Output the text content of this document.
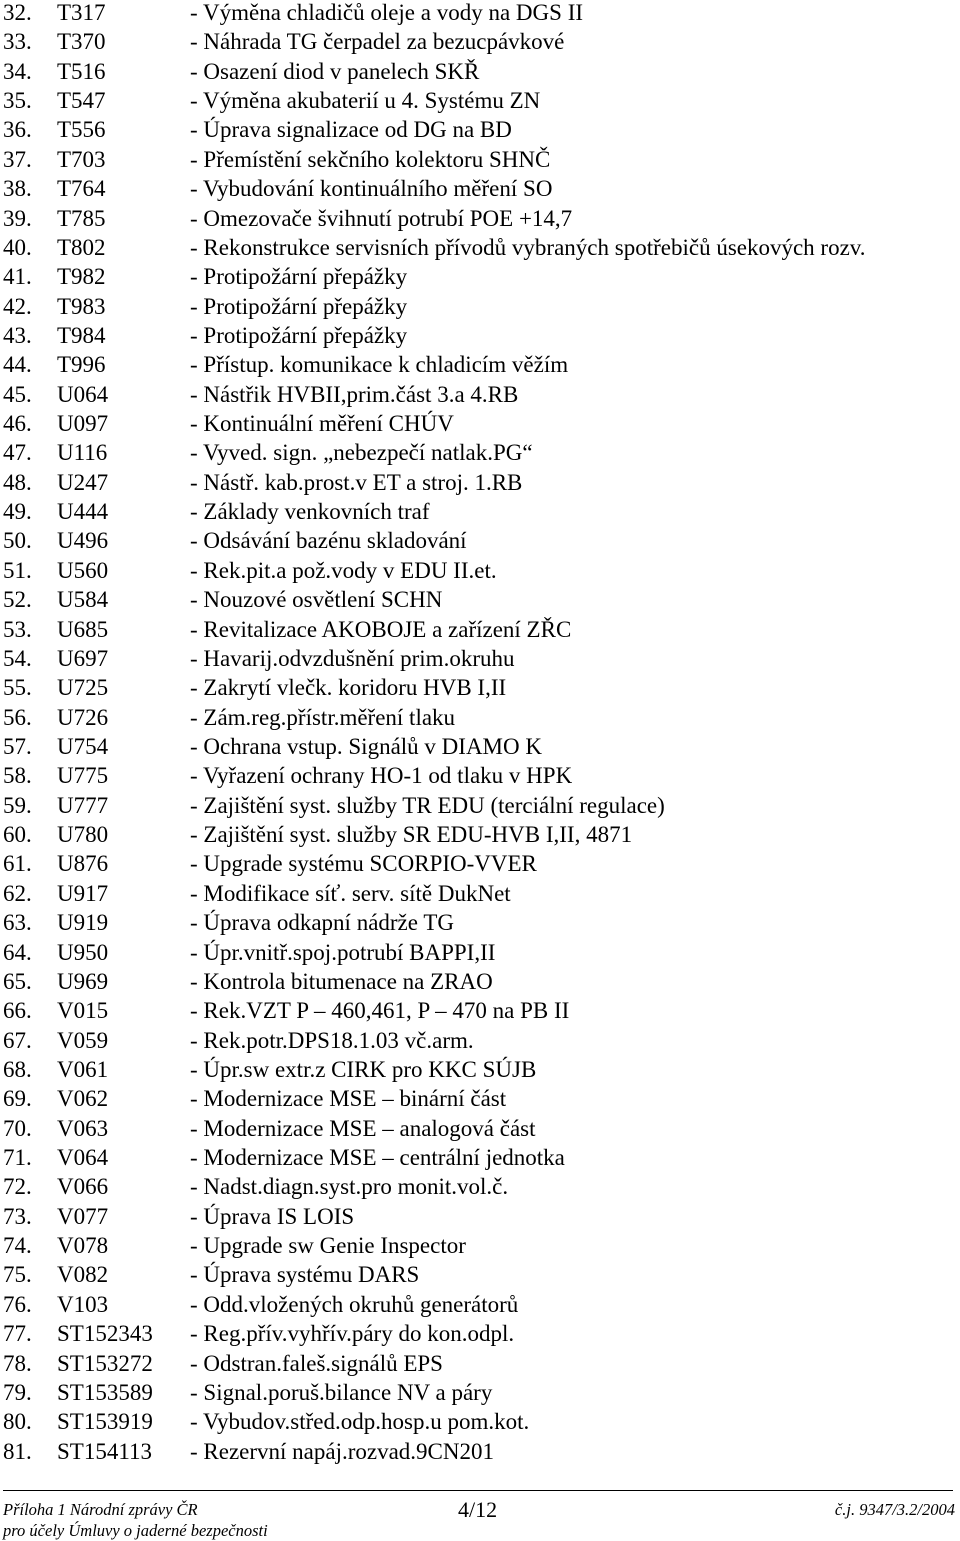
32. T317	- Výměna chladičů oleje a vody na DGS II
33. T370	- Náhrada TG čerpadel za bezucpávkové
34. T516	- Osazení diod v panelech SKŘ
35. T547	- Výměna akubaterií u 4. Systému ZN
36. T556	- Úprava signalizace od DG na BD
37. T703	- Přemístění sekčního kolektoru SHNČ
38. T764	- Vybudování kontinuálního měření SO
39. T785	- Omezovače švihnutí potrubí POE +14,7
40. T802	- Rekonstrukce servisních přívodů vybraných spotřebičů úsekových rozv.
41. T982	- Protipožární přepážky
42. T983	- Protipožární přepážky
43. T984	- Protipožární přepážky
44. T996	- Přístup. komunikace k chladicím věžím
45. U064	- Nástřik HVBII,prim.část 3.a 4.RB
46. U097	- Kontinuální měření CHÚV
47. U116	- Vyved. sign. „nebezpečí natlak.PG“
48. U247	- Nástř. kab.prost.v ET a stroj. 1.RB
49. U444	- Základy venkovních traf
50. U496	- Odsávání bazénu skladování
51. U560	- Rek.pit.a pož.vody v EDU II.et.
52. U584	- Nouzové osvětlení SCHN
53. U685	- Revitalizace AKOBOJE a zařízení ZŘC
54. U697	- Havarij.odvzdušnění prim.okruhu
55. U725	- Zakrytí vlečk. koridoru HVB I,II
56. U726	- Zám.reg.přístr.měření tlaku
57. U754	- Ochrana vstup. Signálů v DIAMO K
58. U775	- Vyřazení ochrany HO-1 od tlaku v HPK
59. U777	- Zajištění syst. služby TR EDU (terciální regulace)
60. U780	- Zajištění syst. služby SR EDU-HVB I,II, 4871
61. U876	- Upgrade systému SCORPIO-VVER
62. U917	- Modifikace síť. serv. sítě DukNet
63. U919	- Úprava odkapní nádrže TG
64. U950	- Úpr.vnitř.spoj.potrubí BAPPI,II
65. U969	- Kontrola bitumenace na ZRAO
66. V015	- Rek.VZT P – 460,461, P – 470 na PB II
67. V059	- Rek.potr.DPS18.1.03 vč.arm.
68. V061	- Úpr.sw extr.z CIRK pro KKC SÚJB
69. V062	- Modernizace MSE – binární část
70. V063	- Modernizace MSE – analogová část
71. V064	- Modernizace MSE – centrální jednotka
72. V066	- Nadst.diagn.syst.pro monit.vol.č.
73. V077	- Úprava IS LOIS
74. V078	- Upgrade sw Genie Inspector
75. V082	- Úprava systému DARS
76. V103	- Odd.vložených okruhů generátorů
77. ST152343 - Reg.přív.vyhřív.páry do kon.odpl.
78. ST153272 - Odstran.faleš.signálů EPS
79. ST153589 - Signal.poruš.bilance NV a páry
80. ST153919 - Vybudov.střed.odp.hosp.u pom.kot.
81. ST154113 - Rezervní napáj.rozvad.9CN201
Příloha 1 Národní zprávy ČR	4/12	č.j. 9347/3.2/2004
pro účely Úmluvy o jaderné bezpečnosti
